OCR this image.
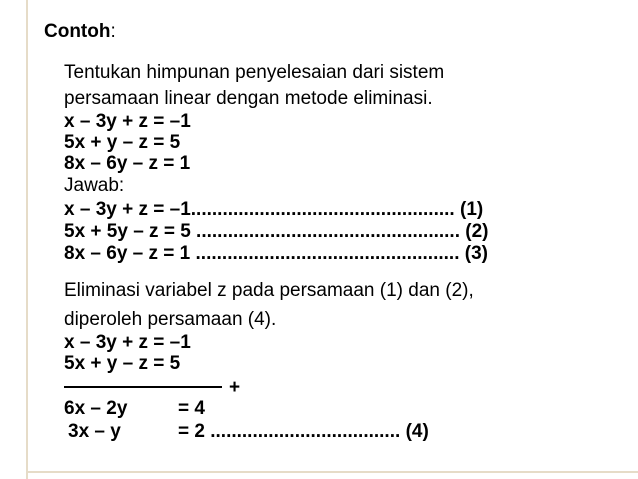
Contoh:
Tentukan himpunan penyelesaian dari sistem
persamaan linear dengan metode eliminasi.
x – 3y + z = –1
5x + y – z = 5
8x – 6y – z = 1
Jawab:
x – 3y + z = –1.................................................. (1)
5x + 5y – z = 5 .................................................. (2)
8x – 6y – z = 1 .................................................. (3)
Eliminasi variabel z pada persamaan (1) dan (2),
diperoleh persamaan (4).
x – 3y + z = –1
5x + y – z = 5
+
6x – 2y	= 4
3x – y	= 2 .................................... (4)
